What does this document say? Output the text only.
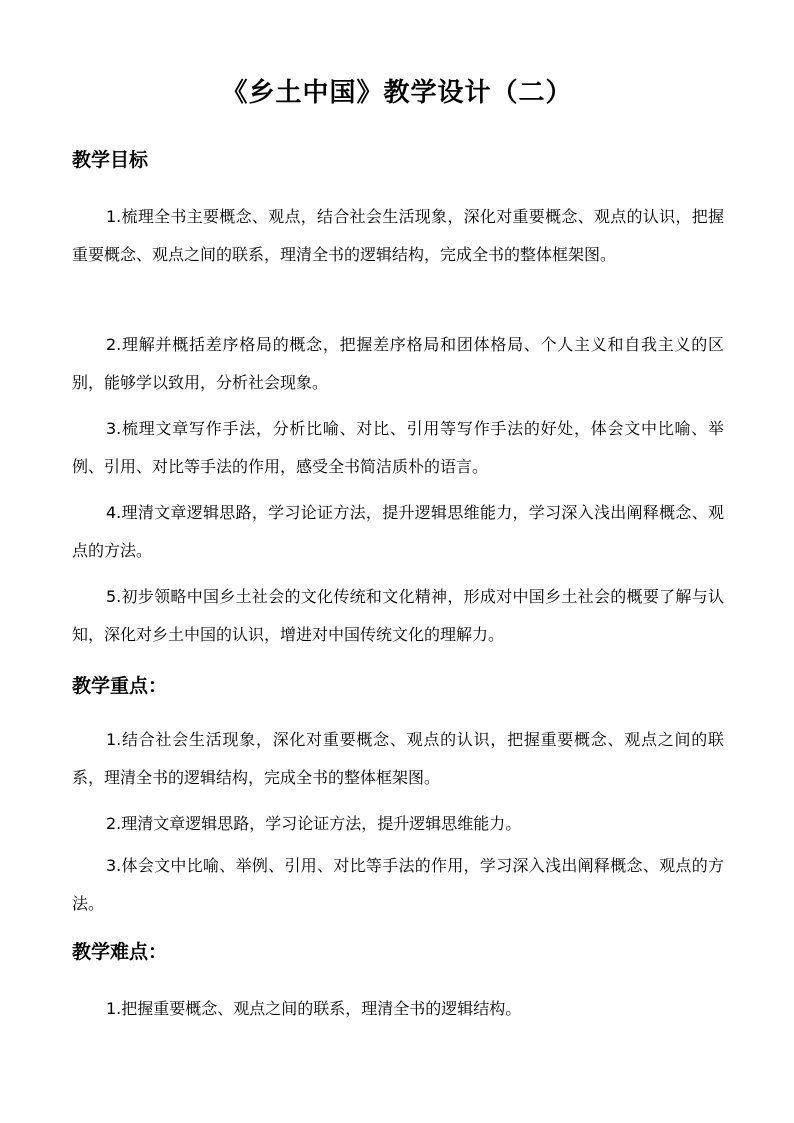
《乡土中国》教学设计（二）
教学目标
1.梳理全书主要概念、观点，结合社会生活现象，深化对重要概念、观点的认识，把握重要概念、观点之间的联系，理清全书的逻辑结构，完成全书的整体框架图。
2.理解并概括差序格局的概念，把握差序格局和团体格局、个人主义和自我主义的区别，能够学以致用，分析社会现象。
3.梳理文章写作手法，分析比喻、对比、引用等写作手法的好处，体会文中比喻、举例、引用、对比等手法的作用，感受全书简洁质朴的语言。
4.理清文章逻辑思路，学习论证方法，提升逻辑思维能力，学习深入浅出阐释概念、观点的方法。
5.初步领略中国乡土社会的文化传统和文化精神，形成对中国乡土社会的概要了解与认知，深化对乡土中国的认识，增进对中国传统文化的理解力。
教学重点：
1.结合社会生活现象，深化对重要概念、观点的认识，把握重要概念、观点之间的联系，理清全书的逻辑结构，完成全书的整体框架图。
2.理清文章逻辑思路，学习论证方法，提升逻辑思维能力。
3.体会文中比喻、举例、引用、对比等手法的作用，学习深入浅出阐释概念、观点的方法。
教学难点：
1.把握重要概念、观点之间的联系，理清全书的逻辑结构。
